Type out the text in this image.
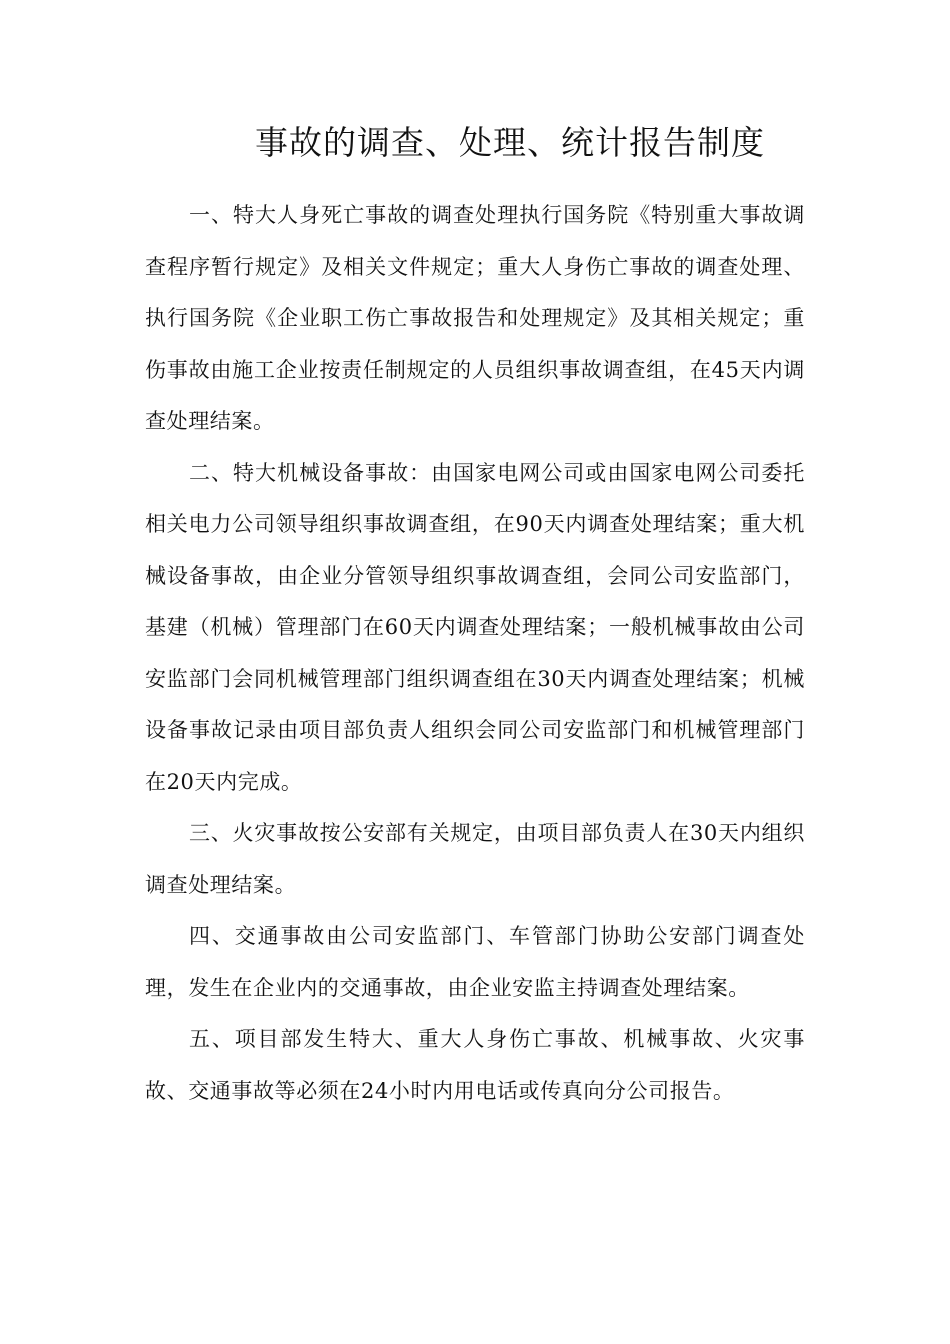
事故的调查、处理、统计报告制度

一、特大人身死亡事故的调查处理执行国务院《特别重大事故调查程序暂行规定》及相关文件规定；重大人身伤亡事故的调查处理、执行国务院《企业职工伤亡事故报告和处理规定》及其相关规定；重伤事故由施工企业按责任制规定的人员组织事故调查组，在45天内调查处理结案。

二、特大机械设备事故：由国家电网公司或由国家电网公司委托相关电力公司领导组织事故调查组，在90天内调查处理结案；重大机械设备事故，由企业分管领导组织事故调查组，会同公司安监部门，基建（机械）管理部门在60天内调查处理结案；一般机械事故由公司安监部门会同机械管理部门组织调查组在30天内调查处理结案；机械设备事故记录由项目部负责人组织会同公司安监部门和机械管理部门在20天内完成。

三、火灾事故按公安部有关规定，由项目部负责人在30天内组织调查处理结案。

四、交通事故由公司安监部门、车管部门协助公安部门调查处理，发生在企业内的交通事故，由企业安监主持调查处理结案。

五、项目部发生特大、重大人身伤亡事故、机械事故、火灾事故、交通事故等必须在24小时内用电话或传真向分公司报告。
